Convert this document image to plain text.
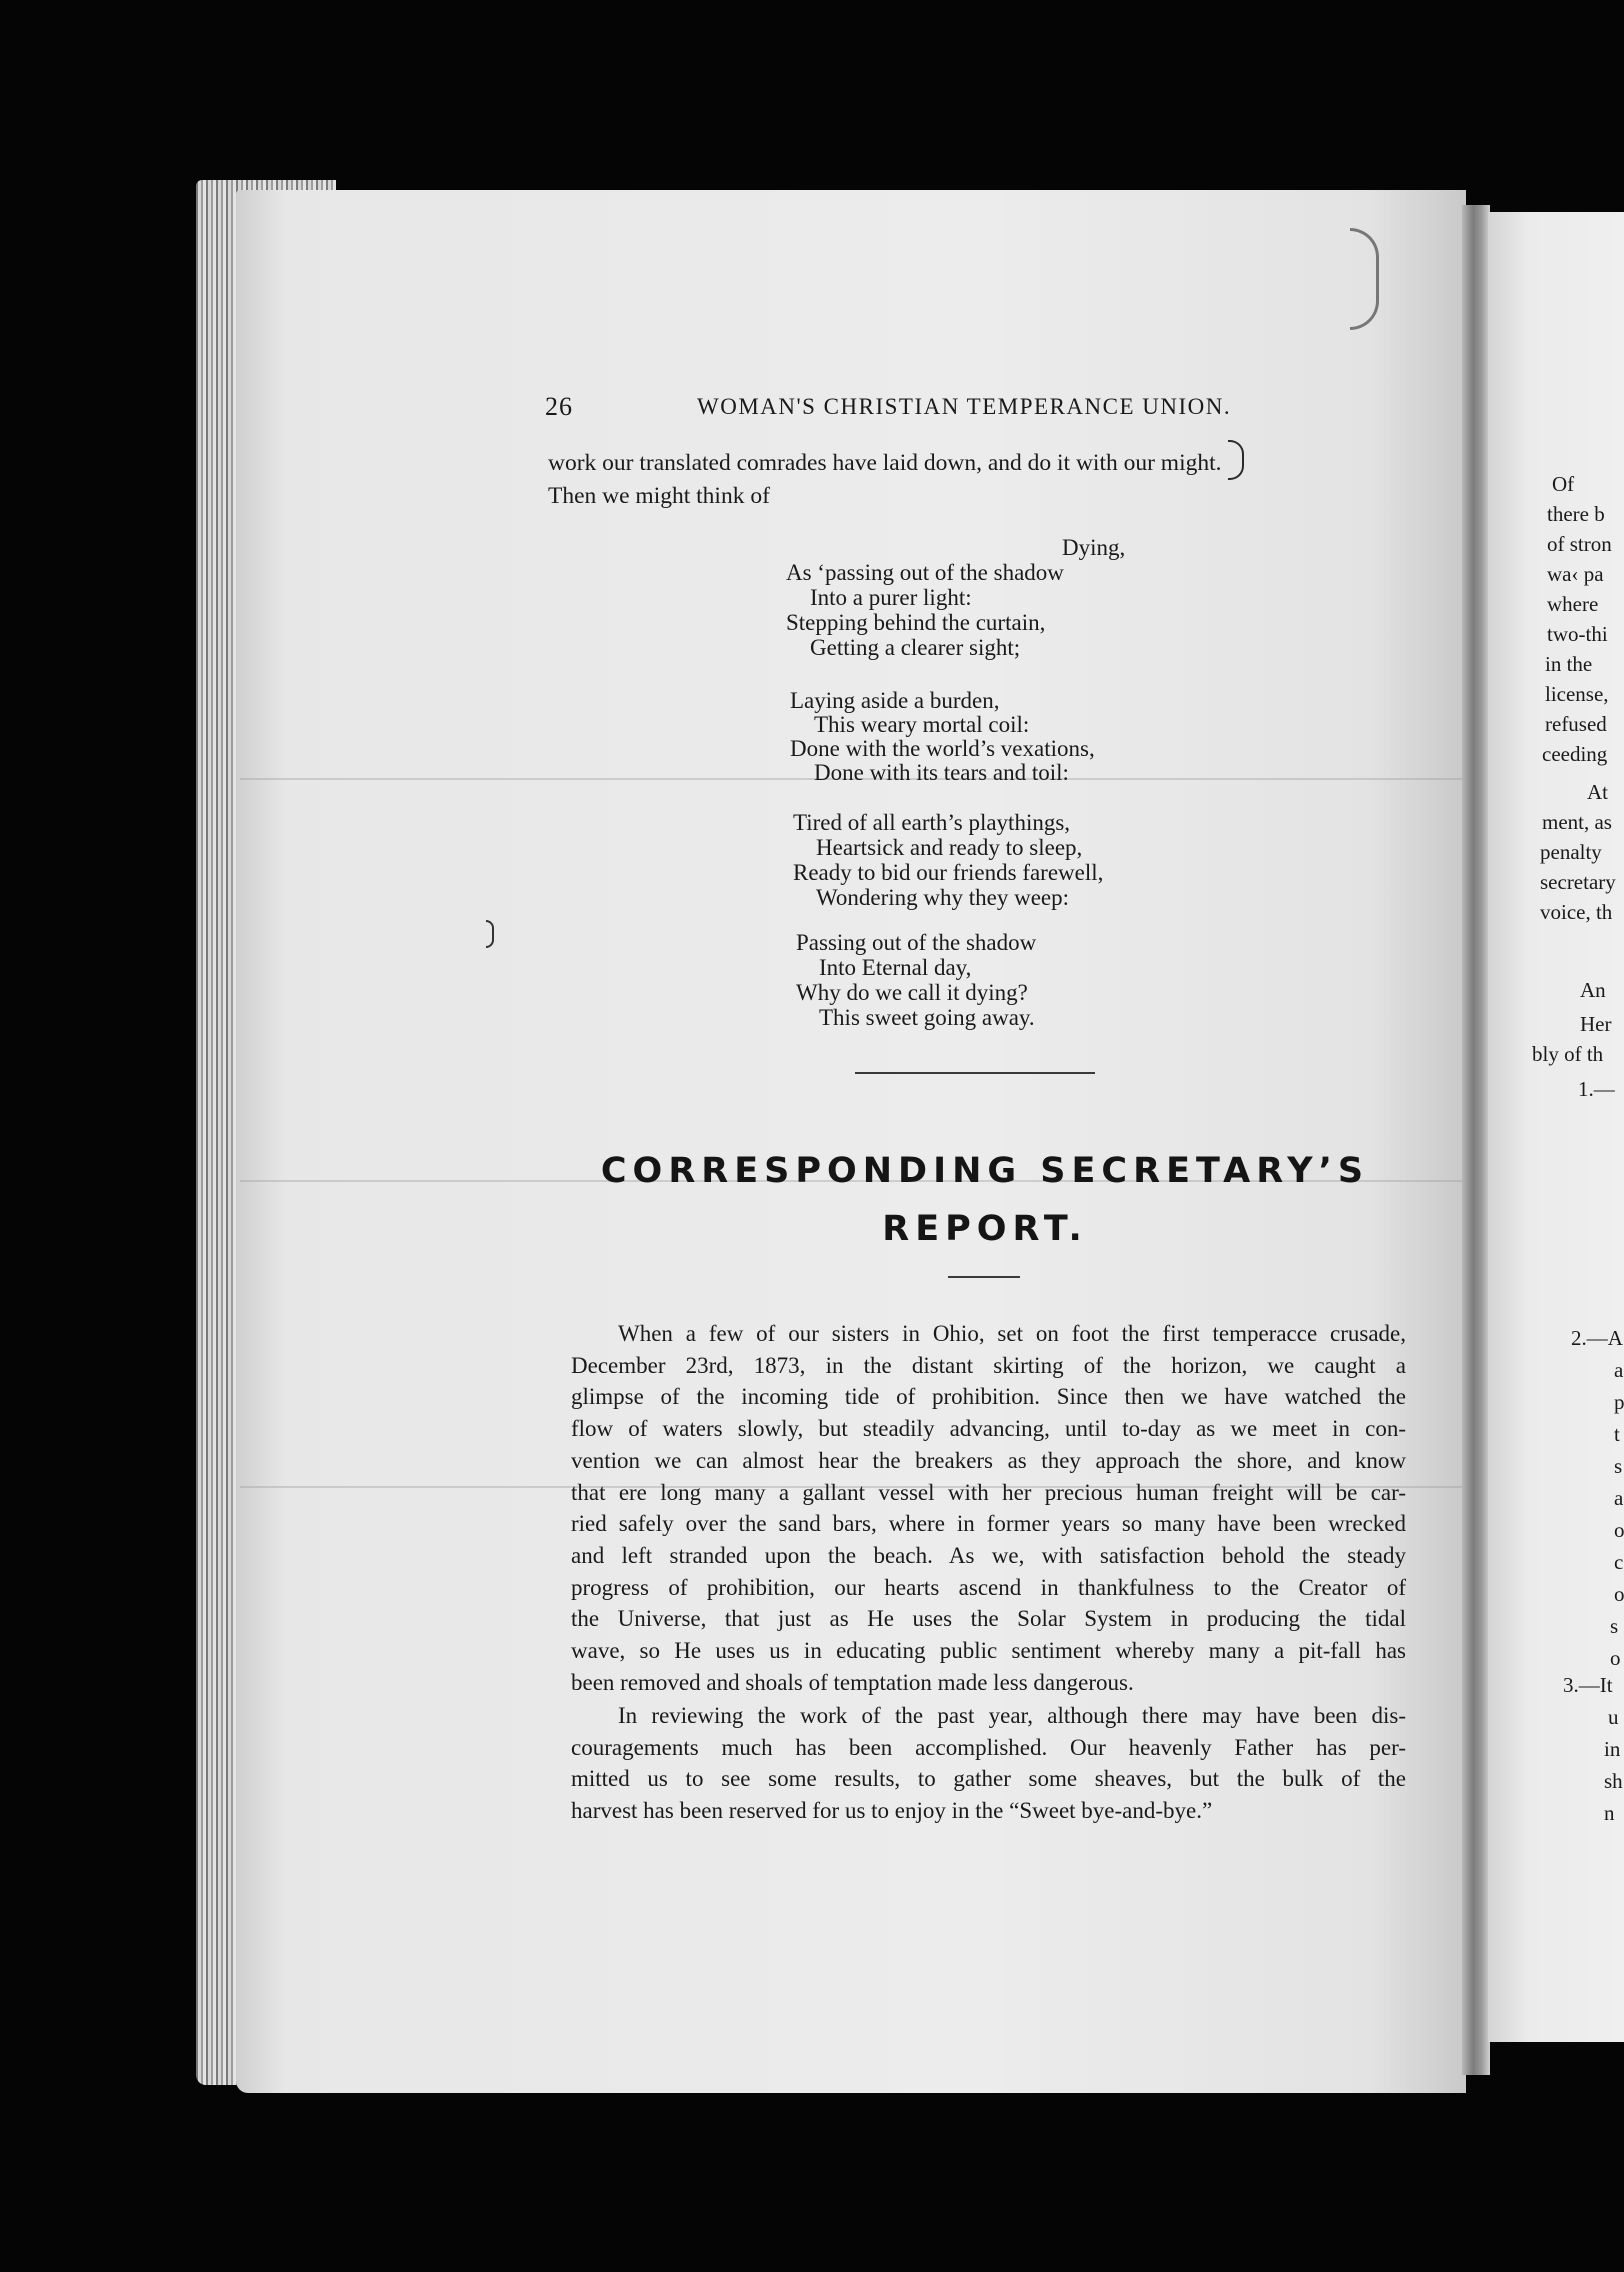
26	WOMAN'S CHRISTIAN TEMPERANCE UNION.
work our translated comrades have laid down, and do it with our might.
Then we might think of
Dying,
As ‘passing out of the shadow
Into a purer light:
Stepping behind the curtain,
Getting a clearer sight;
Laying aside a burden,
This weary mortal coil:
Done with the world’s vexations,
Done with its tears and toil:
Tired of all earth’s playthings,
Heartsick and ready to sleep,
Ready to bid our friends farewell,
Wondering why they weep:
Passing out of the shadow
Into Eternal day,
Why do we call it dying?
This sweet going away.
CORRESPONDING SECRETARY’S
REPORT.

When a few of our sisters in Ohio, set on foot the first temperacce crusade,

December 23rd, 1873, in the distant skirting of the horizon, we caught a

glimpse of the incoming tide of prohibition. Since then we have watched the

flow of waters slowly, but steadily advancing, until to-day as we meet in con-

vention we can almost hear the breakers as they approach the shore, and know

that ere long many a gallant vessel with her precious human freight will be car-

ried safely over the sand bars, where in former years so many have been wrecked

and left stranded upon the beach. As we, with satisfaction behold the steady

progress of prohibition, our hearts ascend in thankfulness to the Creator of

the Universe, that just as He uses the Solar System in producing the tidal

wave, so He uses us in educating public sentiment whereby many a pit-fall has

been removed and shoals of temptation made less dangerous.

In reviewing the work of the past year, although there may have been dis-

couragements much has been accomplished. Our heavenly Father has per-

mitted us to see some results, to gather some sheaves, but the bulk of the

harvest has been reserved for us to enjoy in the “Sweet bye-and-bye.”

Of
there b
of stron
wa‹ pa
where
two-thi
in the
license,
refused
ceeding
At
ment, as
penalty
secretary
voice, th
An
Her
bly of th
1.—
2.—A
a
p
t
s
a
o
c
o
s
o
3.—It
u
in
sh
n
